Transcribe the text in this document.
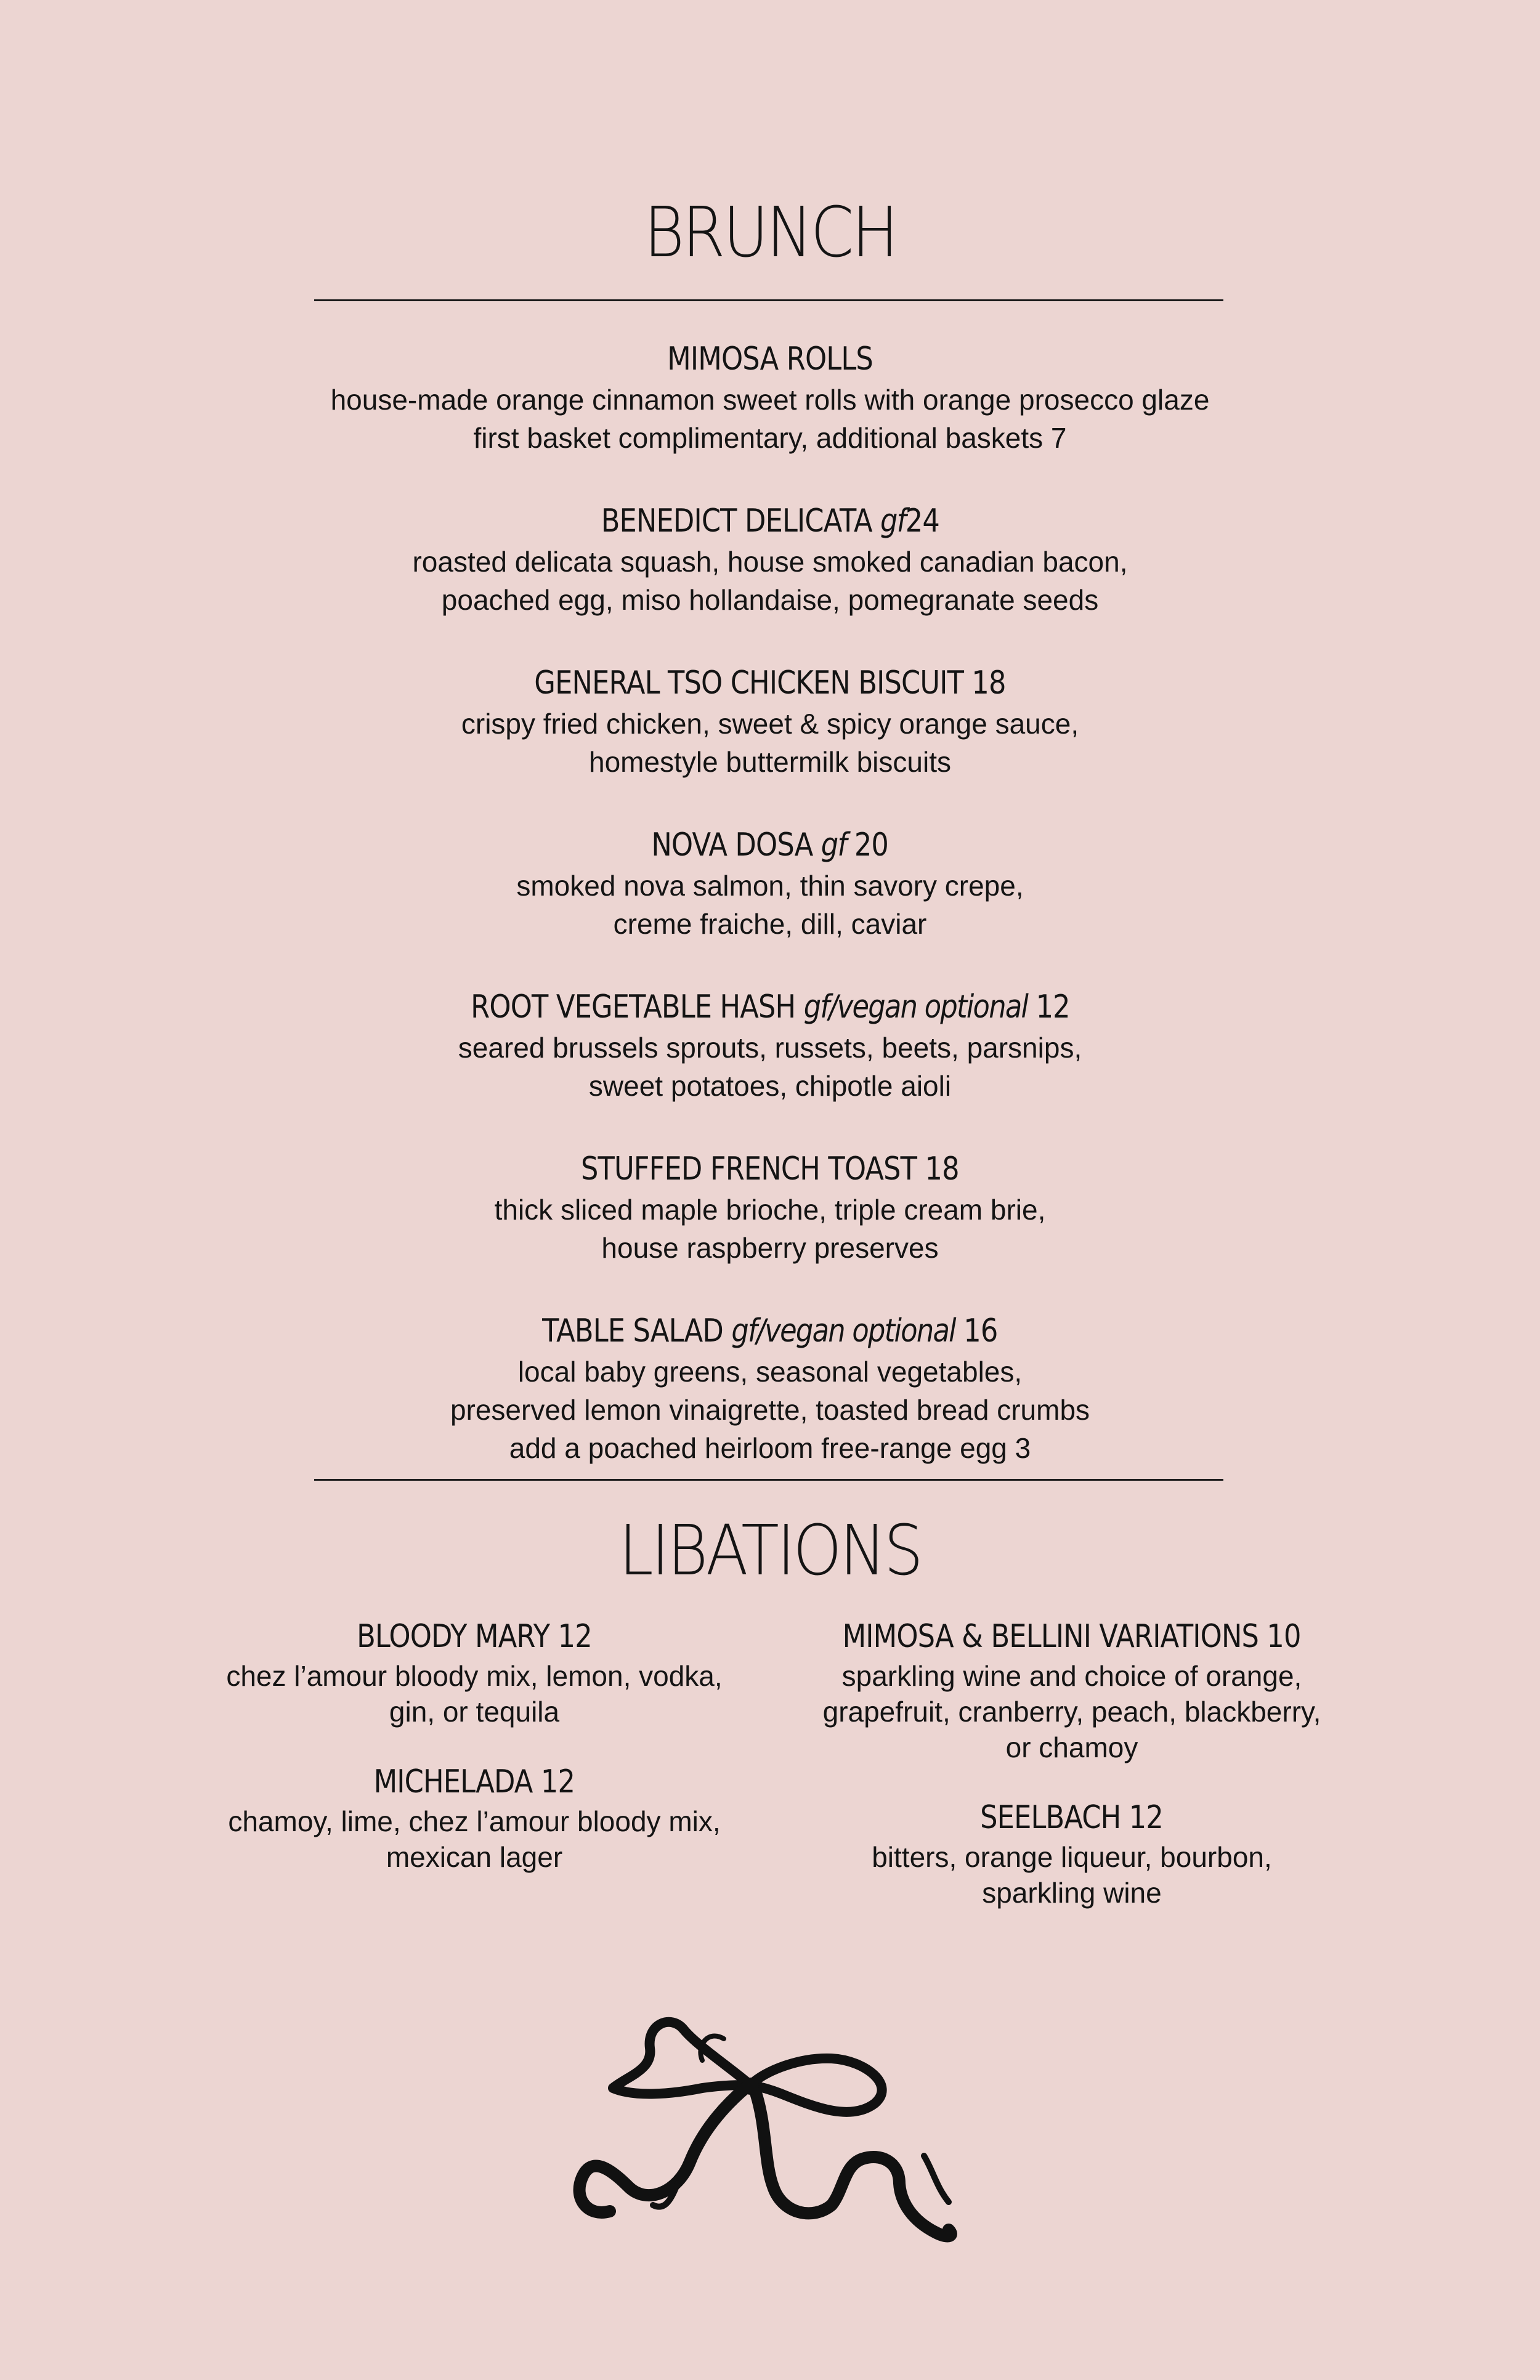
BRUNCH
MIMOSA ROLLS

house-made orange cinnamon sweet rolls with orange prosecco glaze

first basket complimentary, additional baskets 7

BENEDICT DELICATA gf24

roasted delicata squash, house smoked canadian bacon,

poached egg, miso hollandaise, pomegranate seeds

GENERAL TSO CHICKEN BISCUIT 18

crispy fried chicken, sweet & spicy orange sauce,

homestyle buttermilk biscuits

NOVA DOSA gf 20

smoked nova salmon, thin savory crepe,

creme fraiche, dill, caviar

ROOT VEGETABLE HASH gf/vegan optional 12

seared brussels sprouts, russets, beets, parsnips,

sweet potatoes, chipotle aioli

STUFFED FRENCH TOAST 18

thick sliced maple brioche, triple cream brie,

house raspberry preserves

TABLE SALAD gf/vegan optional 16

local baby greens, seasonal vegetables,

preserved lemon vinaigrette, toasted bread crumbs

add a poached heirloom free-range egg 3

LIBATIONS
BLOODY MARY 12

chez l’amour bloody mix, lemon, vodka,

gin, or tequila

MICHELADA 12

chamoy, lime, chez l’amour bloody mix,

mexican lager

MIMOSA & BELLINI VARIATIONS 10

sparkling wine and choice of orange,

grapefruit, cranberry, peach, blackberry,

or chamoy

SEELBACH 12

bitters, orange liqueur, bourbon,

sparkling wine
